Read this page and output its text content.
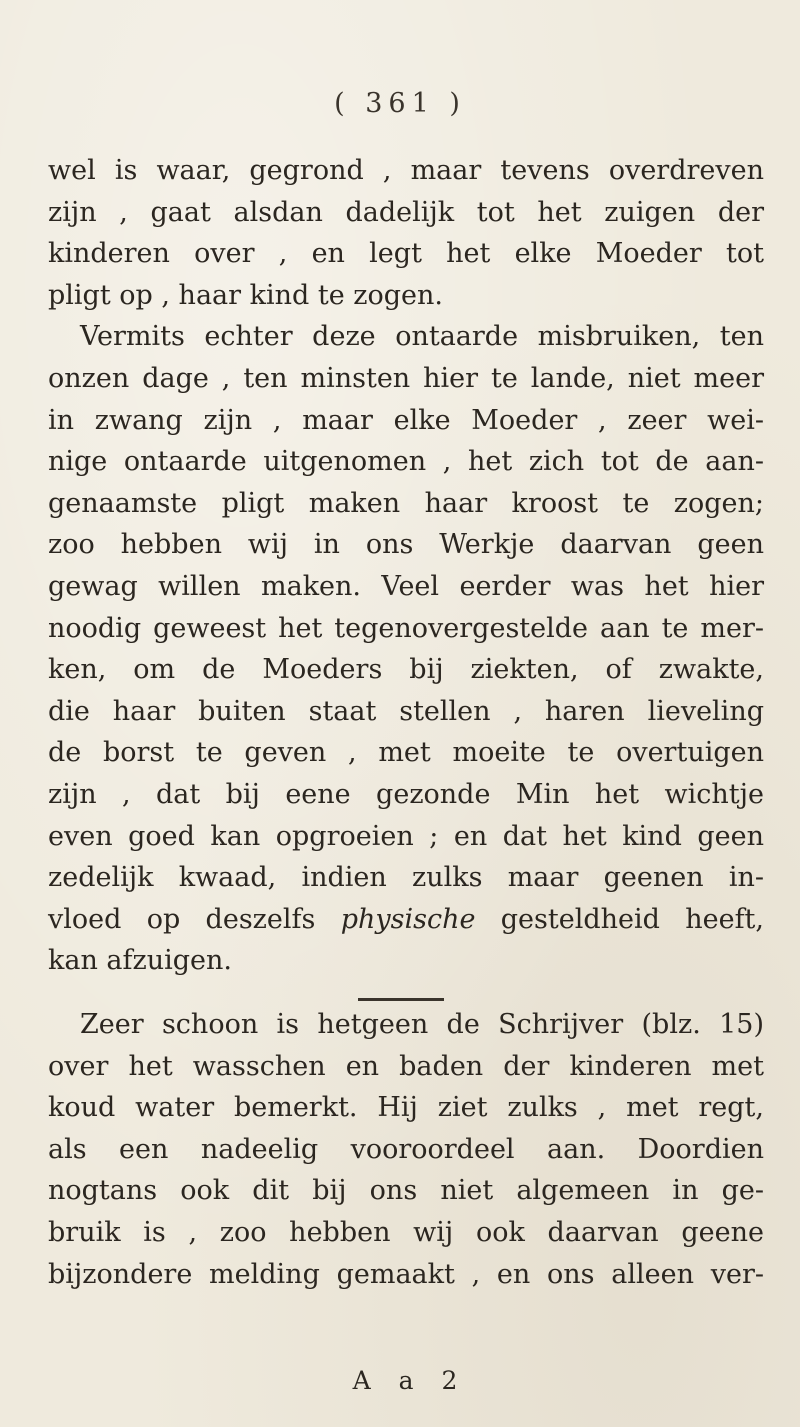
( 361 )
wel is waar, gegrond , maar tevens overdreven
zijn , gaat alsdan dadelijk tot het zuigen der
kinderen over , en legt het elke Moeder tot
pligt op , haar kind te zogen.
Vermits echter deze ontaarde misbruiken, ten
onzen dage , ten minsten hier te lande, niet meer
in zwang zijn , maar elke Moeder , zeer wei-
nige ontaarde uitgenomen , het zich tot de aan-
genaamste pligt maken haar kroost te zogen;
zoo hebben wij in ons Werkje daarvan geen
gewag willen maken. Veel eerder was het hier
noodig geweest het tegenovergestelde aan te mer-
ken, om de Moeders bij ziekten, of zwakte,
die haar buiten staat stellen , haren lieveling
de borst te geven , met moeite te overtuigen
zijn , dat bij eene gezonde Min het wichtje
even goed kan opgroeien ; en dat het kind geen
zedelijk kwaad, indien zulks maar geenen in-
vloed op deszelfs physische gesteldheid heeft,
kan afzuigen.
Zeer schoon is hetgeen de Schrijver (blz. 15)
over het wasschen en baden der kinderen met
koud water bemerkt. Hij ziet zulks , met regt,
als een nadeelig vooroordeel aan. Doordien
nogtans ook dit bij ons niet algemeen in ge-
bruik is , zoo hebben wij ook daarvan geene
bijzondere melding gemaakt , en ons alleen ver-
A a 2
